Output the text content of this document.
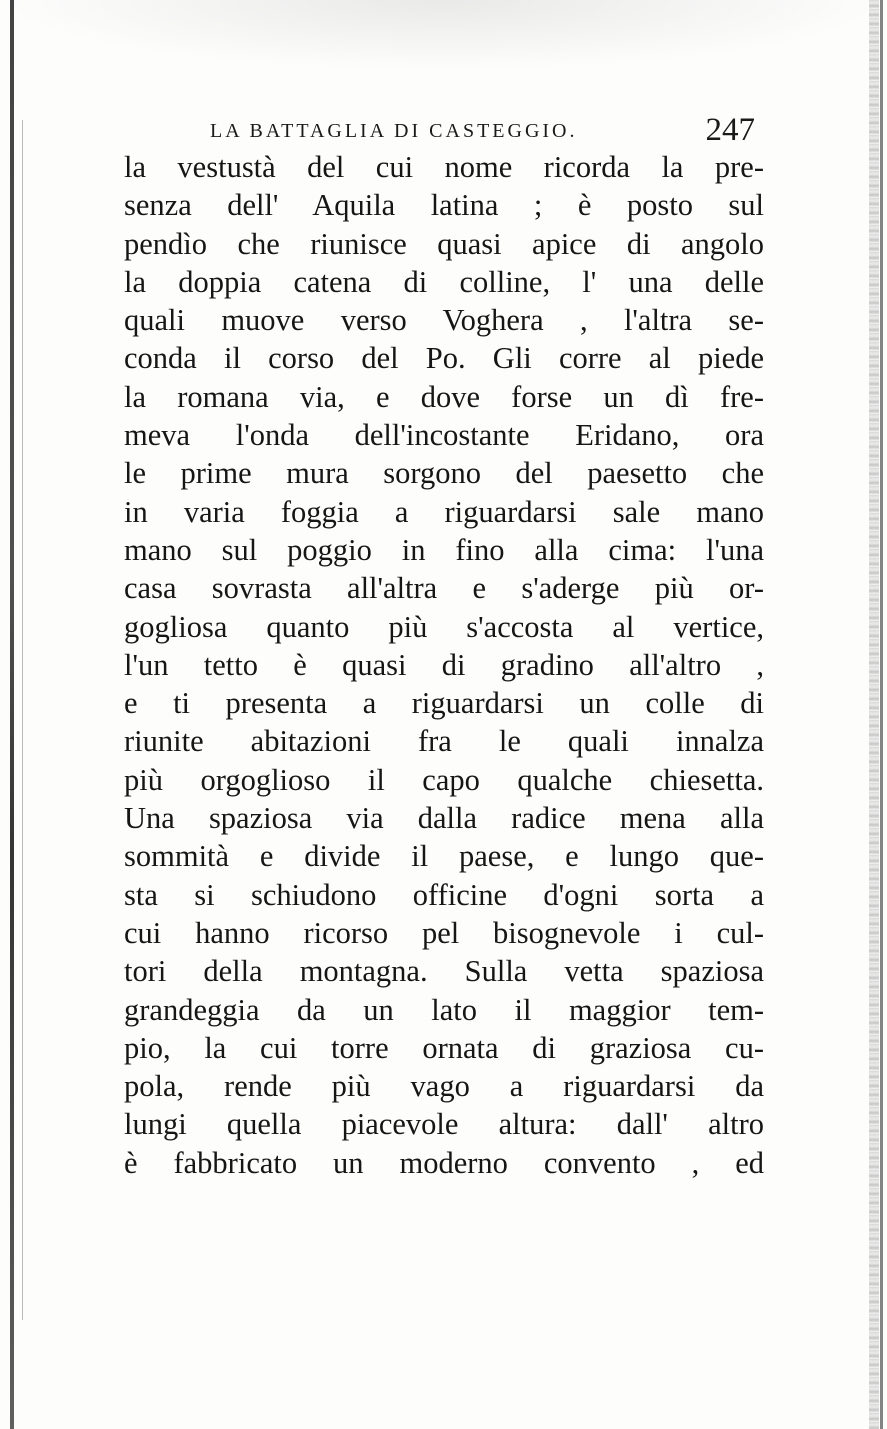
LA BATTAGLIA DI CASTEGGIO.	247
la vestustà del cui nome ricorda la pre-
senza dell' Aquila latina ; è posto sul
pendìo che riunisce quasi apice di angolo
la doppia catena di colline, l' una delle
quali muove verso Voghera , l'altra se-
conda il corso del Po. Gli corre al piede
la romana via, e dove forse un dì fre-
meva l'onda dell'incostante Eridano, ora
le prime mura sorgono del paesetto che
in varia foggia a riguardarsi sale mano
mano sul poggio in fino alla cima: l'una
casa sovrasta all'altra e s'aderge più or-
gogliosa quanto più s'accosta al vertice,
l'un tetto è quasi di gradino all'altro ,
e ti presenta a riguardarsi un colle di
riunite abitazioni fra le quali innalza
più orgoglioso il capo qualche chiesetta.
Una spaziosa via dalla radice mena alla
sommità e divide il paese, e lungo que-
sta si schiudono officine d'ogni sorta a
cui hanno ricorso pel bisognevole i cul-
tori della montagna. Sulla vetta spaziosa
grandeggia da un lato il maggior tem-
pio, la cui torre ornata di graziosa cu-
pola, rende più vago a riguardarsi da
lungi quella piacevole altura: dall' altro
è fabbricato un moderno convento , ed
